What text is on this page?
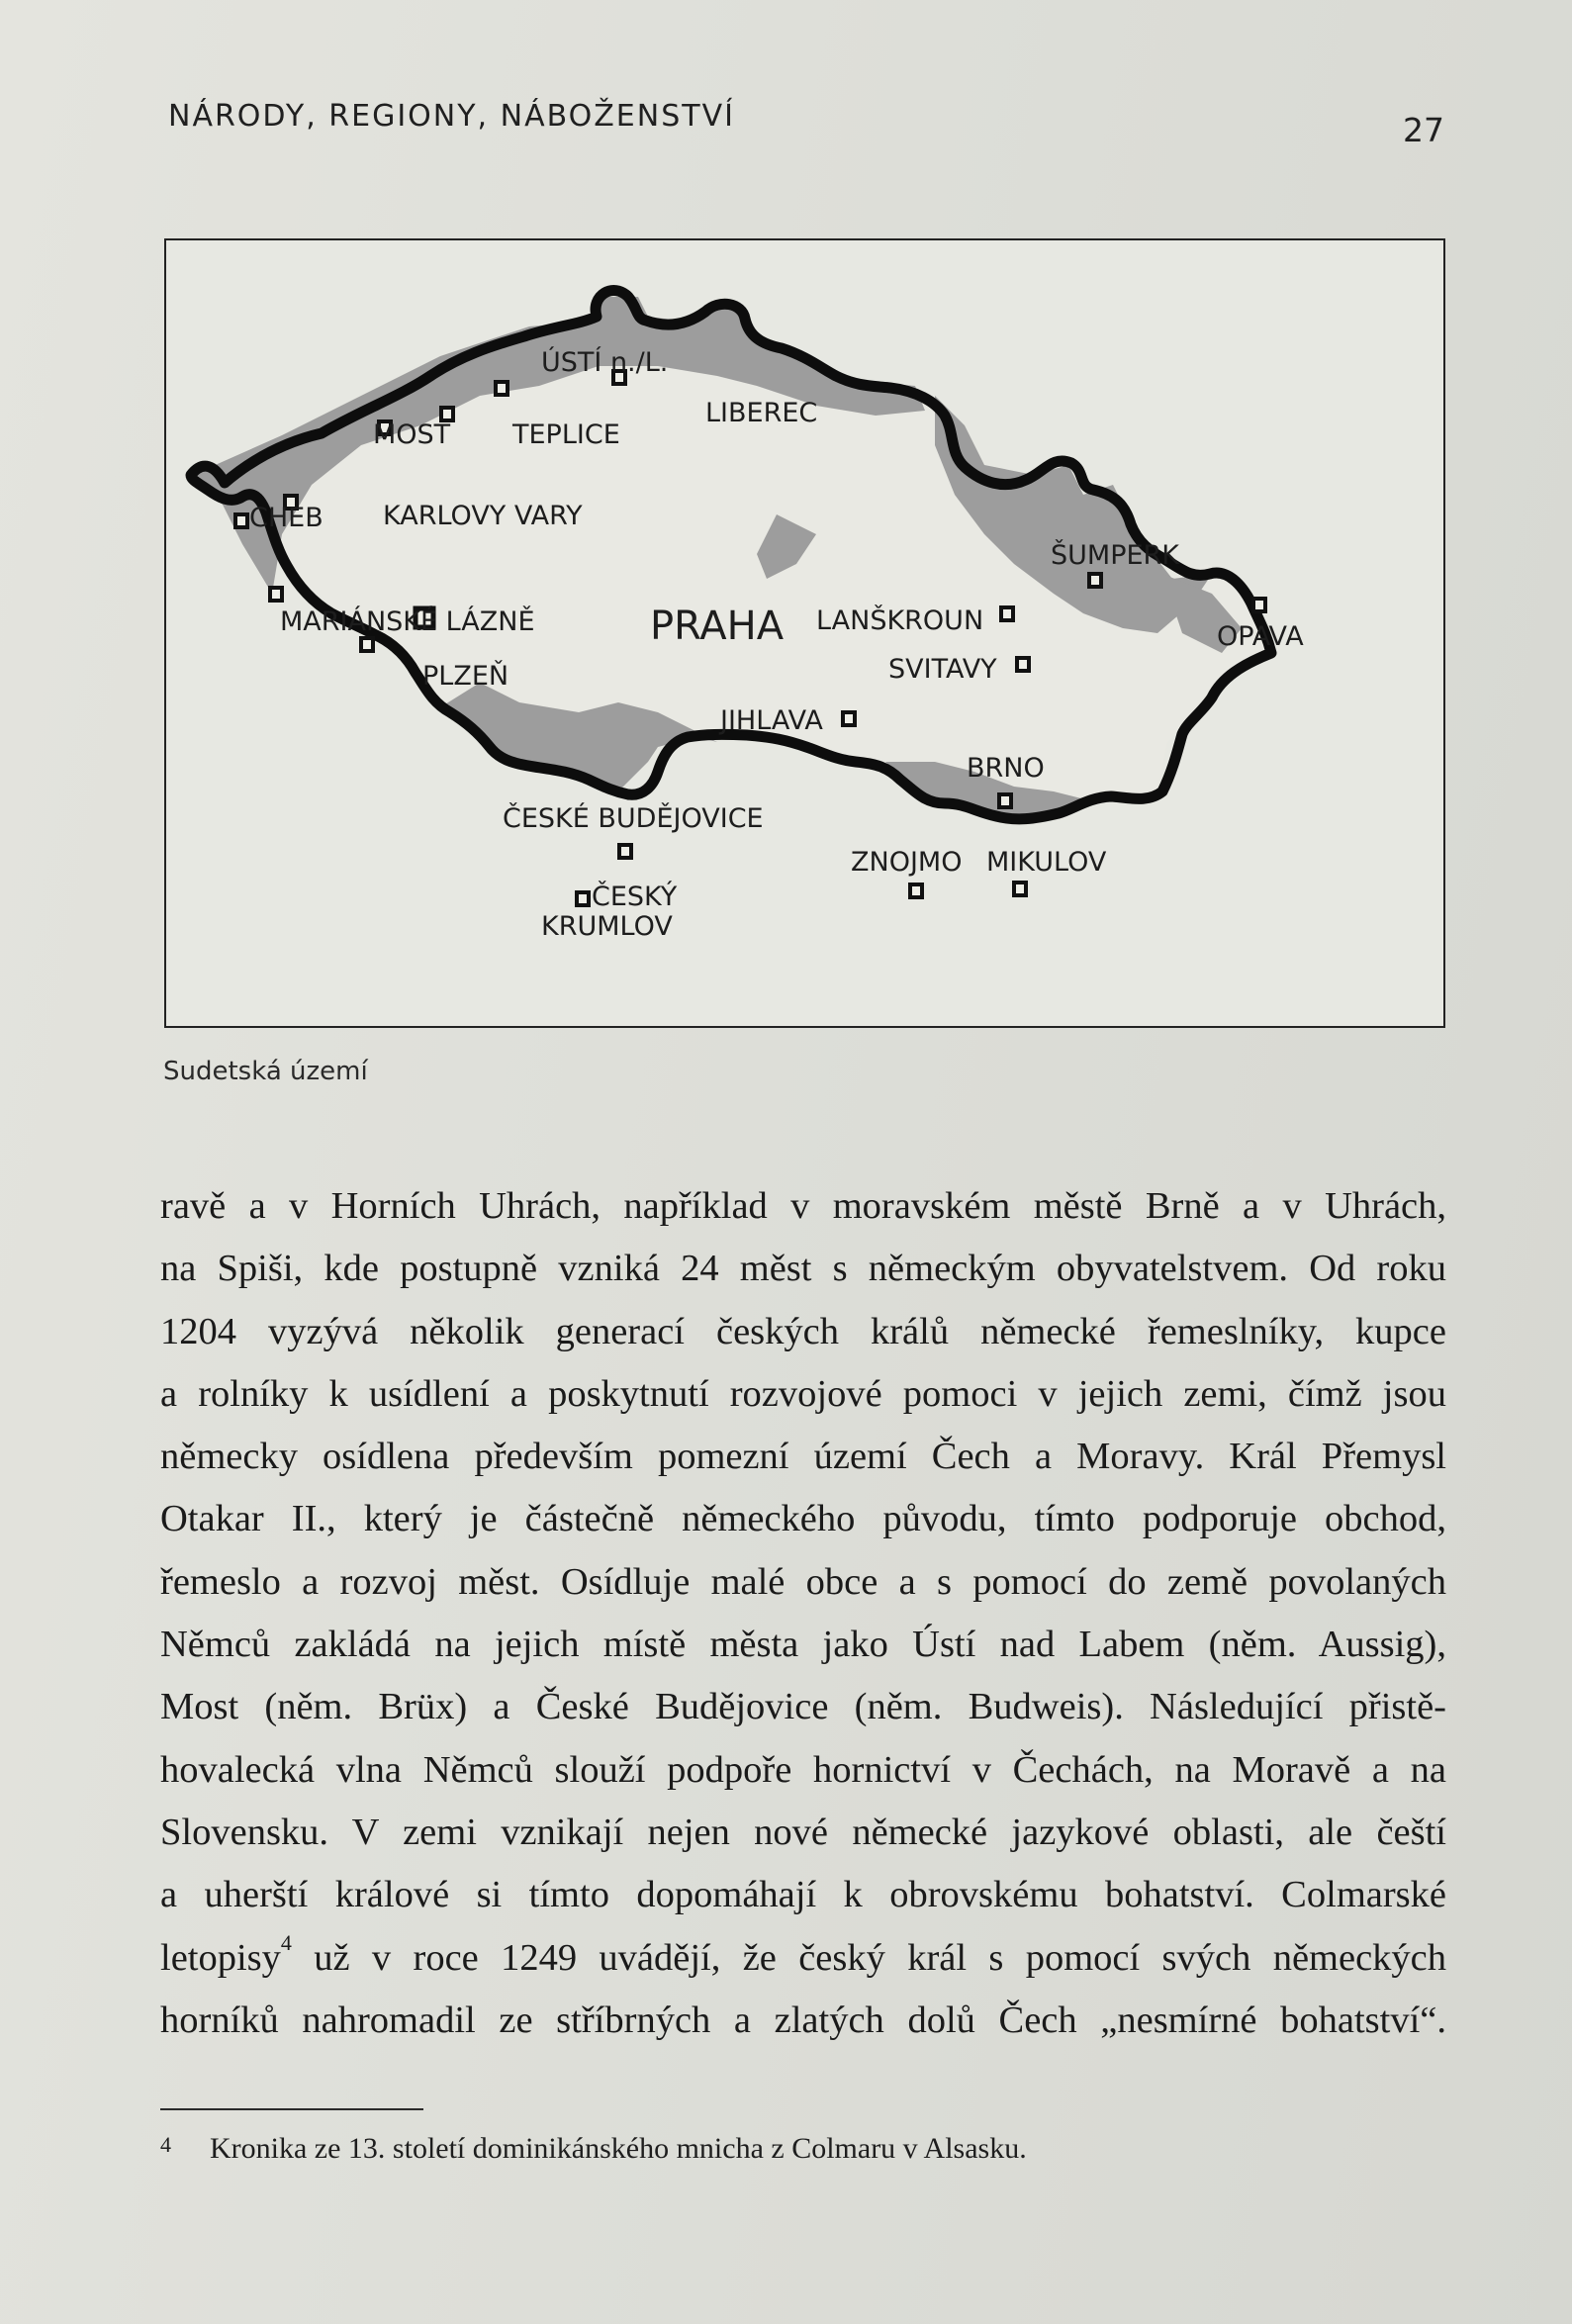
NÁRODY, REGIONY, NÁBOŽENSTVÍ	27
ÚSTÍ n./L.
MOST TEPLICE
LIBEREC
CHEB KARLOVY VARY
MARIÁNSKÉ LÁZNĚ
PLZEŇ
PRAHA LANŠKROUN
ŠUMPERK
OPAVA
SVITAVY
JIHLAVA
BRNO
ČESKÉ BUDĚJOVICE
ZNOJMO MIKULOV
ČESKÝ
KRUMLOV
Sudetská území
ravě a v Horních Uhrách, například v moravském městě Brně a v Uhrách,
na Spiši, kde postupně vzniká 24 měst s německým obyvatelstvem. Od roku
1204 vyzývá několik generací českých králů německé řemeslníky, kupce
a rolníky k usídlení a poskytnutí rozvojové pomoci v jejich zemi, čímž jsou
německy osídlena především pomezní území Čech a Moravy. Král Přemysl
Otakar II., který je částečně německého původu, tímto podporuje obchod,
řemeslo a rozvoj měst. Osídluje malé obce a s pomocí do země povolaných
Němců zakládá na jejich místě města jako Ústí nad Labem (něm. Aussig),
Most (něm. Brüx) a České Budějovice (něm. Budweis). Následující přistě-
hovalecká vlna Němců slouží podpoře hornictví v Čechách, na Moravě a na
Slovensku. V zemi vznikají nejen nové německé jazykové oblasti, ale čeští
a uherští králové si tímto dopomáhají k obrovskému bohatství. Colmarské
letopisy$^4$ už v roce 1249 uvádějí, že český král s pomocí svých německých
horníků nahromadil ze stříbrných a zlatých dolů Čech „nesmírné bohatství“.
4 Kronika ze 13. století dominikánského mnicha z Colmaru v Alsasku.
